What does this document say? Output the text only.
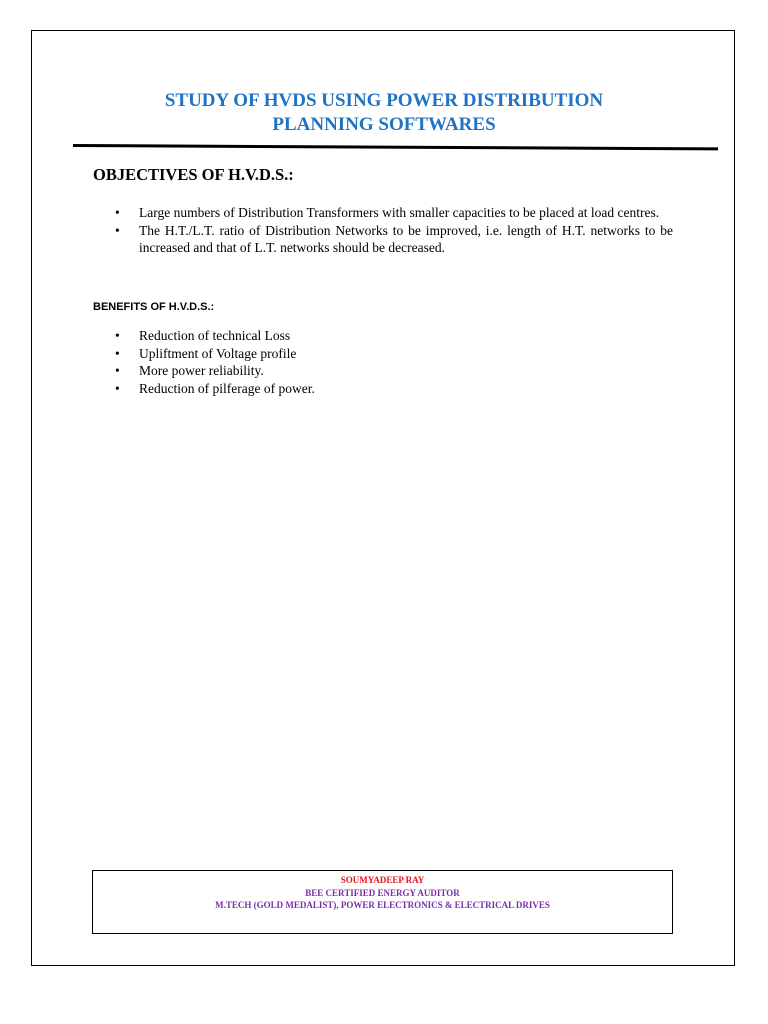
STUDY OF HVDS USING POWER DISTRIBUTION
PLANNING SOFTWARES
OBJECTIVES OF H.V.D.S.:
• Large numbers of Distribution Transformers with smaller capacities to be placed at load centres.
• The H.T./L.T. ratio of Distribution Networks to be improved, i.e. length of H.T. networks to be increased and that of L.T. networks should be decreased.
BENEFITS OF H.V.D.S.:
• Reduction of technical Loss
• Upliftment of Voltage profile
• More power reliability.
• Reduction of pilferage of power.
SOUMYADEEP RAY
BEE CERTIFIED ENERGY AUDITOR
M.TECH (GOLD MEDALIST), POWER ELECTRONICS & ELECTRICAL DRIVES
